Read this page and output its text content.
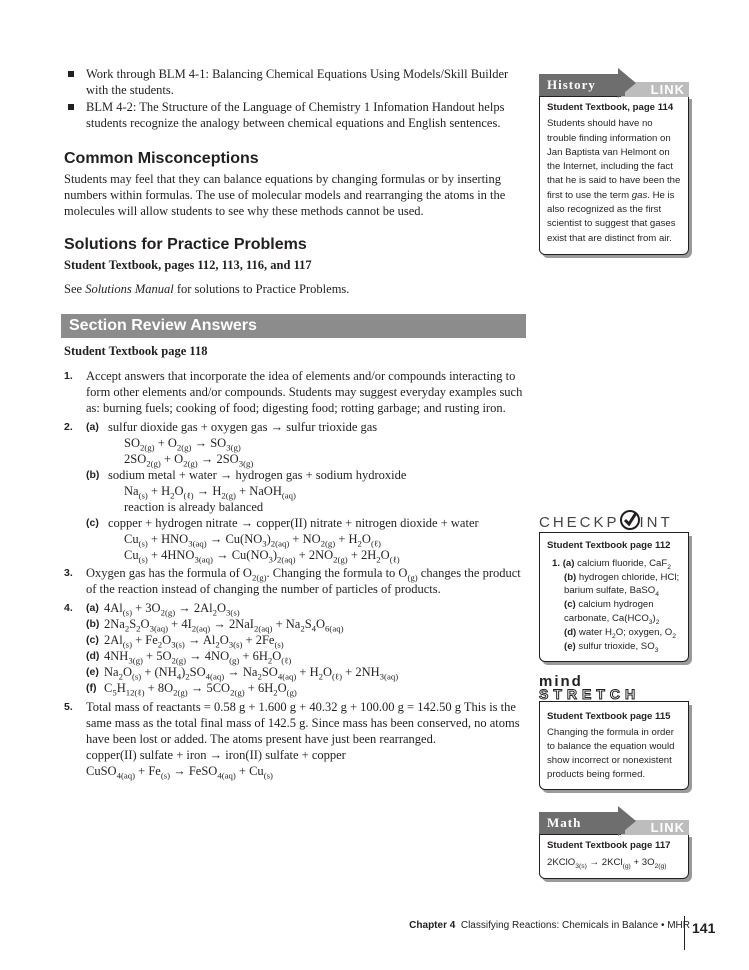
Work through BLM 4-1: Balancing Chemical Equations Using Models/Skill Builder with the students.
BLM 4-2: The Structure of the Language of Chemistry 1 Infomation Handout helps students recognize the analogy between chemical equations and English sentences.
Common Misconceptions

Students may feel that they can balance equations by changing formulas or by inserting numbers within formulas. The use of molecular models and rearranging the atoms in the molecules will allow students to see why these methods cannot be used.

Solutions for Practice Problems

Student Textbook, pages 112, 113, 116, and 117

See Solutions Manual for solutions to Practice Problems.

Section Review Answers

Student Textbook page 118

1. Accept answers that incorporate the idea of elements and/or compounds interacting to form other elements and/or compounds. Students may suggest everyday examples such as: burning fuels; cooking of food; digesting food; rotting garbage; and rusting iron.
2. (a) sulfur dioxide gas + oxygen gas → sulfur trioxide gas
$SO_{2(g)} + O_{2(g)} \to SO_{3(g)}$
$2SO_{2(g)} + O_{2(g)} \to 2SO_{3(g)}$
(b) sodium metal + water → hydrogen gas + sodium hydroxide
$Na_{(s)} + H_2O_{(\ell)} \to H_{2(g)}$ + NaOH$_{(aq)}$
reaction is already balanced
(c) copper + hydrogen nitrate → copper(II) nitrate + nitrogen dioxide + water
$Cu_{(s)} + HNO_{3(aq)} \to Cu(NO_3)_{2(aq)} + NO_{2(g)} + H_2O_{(\ell)}$
$Cu_{(s)} + 4HNO_{3(aq)} \to Cu(NO_3)_{2(aq)} + 2NO_{2(g)} + 2H_2O_{(\ell)}$
3. Oxygen gas has the formula of $O_{2(g)}$. Changing the formula to $O_{(g)}$ changes the product of the reaction instead of changing the number of particles of products.
4. (a) $4Al_{(s)} + 3O_{2(g)} \to 2Al_2O_{3(s)}$
(b) $2Na_2S_2O_{3(aq)} + 4I_{2(aq)} \to 2NaI_{2(aq)} + Na_2S_4O_{6(aq)}$
(c) $2Al_{(s)} + Fe_2O_{3(s)} \to Al_2O_{3(s)} + 2Fe_{(s)}$
(d) $4NH_{3(g)} + 5O_{2(g)} \to 4NO_{(g)} + 6H_2O_{(\ell)}$
(e) $Na_2O_{(s)} + (NH_4)_2SO_{4(aq)} \to Na_2SO_{4(aq)} + H_2O_{(\ell)} + 2NH_{3(aq)}$
(f) $C_5H_{12(\ell)} + 8O_{2(g)} \to 5CO_{2(g)} + 6H_2O_{(g)}$
5. Total mass of reactants = 0.58 g + 1.600 g + 40.32 g + 100.00 g = 142.50 g This is the same mass as the total final mass of 142.5 g. Since mass has been conserved, no atoms have been lost or added. The atoms present have just been rearranged.
copper(II) sulfate + iron → iron(II) sulfate + copper
CuSO$_{4(aq)}$ + $Fe_{(s)}$ → FeSO$_{4(aq)}$ + $Cu_{(s)}$
LINK
History
Student Textbook, page 114
Students should have no trouble finding information on Jan Baptista van Helmont on the Internet, including the fact that he is said to have been the first to use the term gas. He is also recognized as the first scientist to suggest that gases exist that are distinct from air.
CHECKP INT
Student Textbook page 112
1. (a) calcium fluoride, CaF$_2$
(b) hydrogen chloride, HCl; barium sulfate, BaSO$_4$
(c) calcium hydrogen carbonate, $Ca(HCO_3)_2$
(d) water $H_2O$; oxygen, $O_2$
(e) sulfur trioxide, $SO_3$
mind
STRETCH
Student Textbook page 115
Changing the formula in order to balance the equation would show incorrect or nonexistent products being formed.
LINK
Math
Student Textbook page 117
2KClO$_{3(s)}$ → $2KCl_{(g)} + 3O_{2(g)}$
Chapter 4 Classifying Reactions: Chemicals in Balance • MHR 141
